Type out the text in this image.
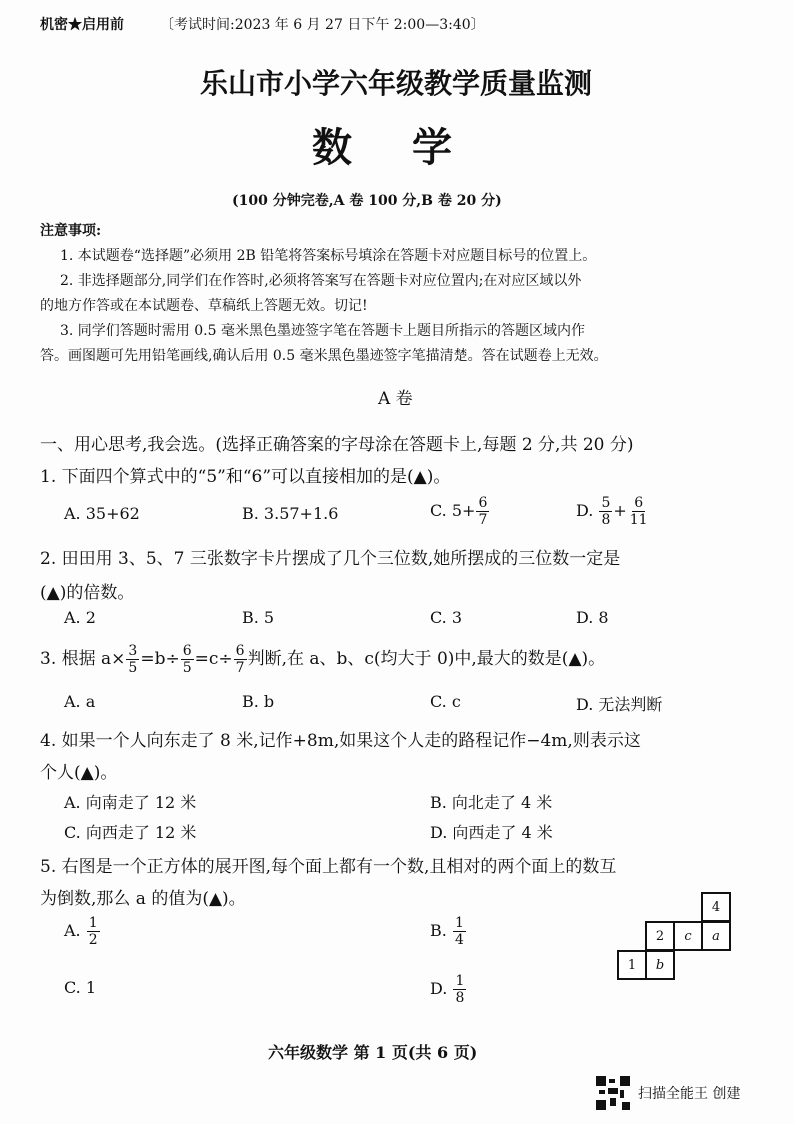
机密★启用前	〔考试时间:2023 年 6 月 27 日下午 2:00—3:40〕
乐山市小学六年级教学质量监测
数学
(100 分钟完卷,A 卷 100 分,B 卷 20 分)
注意事项:
1. 本试题卷“选择题”必须用 2B 铅笔将答案标号填涂在答题卡对应题目标号的位置上。
2. 非选择题部分,同学们在作答时,必须将答案写在答题卡对应位置内;在对应区域以外
的地方作答或在本试题卷、草稿纸上答题无效。切记!
3. 同学们答题时需用 0.5 毫米黑色墨迹签字笔在答题卡上题目所指示的答题区域内作
答。画图题可先用铅笔画线,确认后用 0.5 毫米黑色墨迹签字笔描清楚。答在试题卷上无效。
A 卷
一、用心思考,我会选。(选择正确答案的字母涂在答题卡上,每题 2 分,共 20 分)
1. 下面四个算式中的“5”和“6”可以直接相加的是(▲)。
A. 35+62	B. 3.57+1.6	C. $5+ \frac{6}{7}$	D. $\frac{5}{8} + \frac{6}{11}$
2. 田田用 3、5、7 三张数字卡片摆成了几个三位数,她所摆成的三位数一定是
(▲)的倍数。
A. 2	B. 5	C. 3	D. 8
3. 根据 $a\times \frac{3}{5} =b\div \frac{6}{5} =c\div \frac{6}{7}$ 判断,在 a、b、c(均大于 0)中,最大的数是(▲)。
A. a	B. b	C. c	D. 无法判断
4. 如果一个人向东走了 8 米,记作+8m,如果这个人走的路程记作−4m,则表示这
个人(▲)。
A. 向南走了 12 米	B. 向北走了 4 米
C. 向西走了 12 米	D. 向西走了 4 米
5. 右图是一个正方体的展开图,每个面上都有一个数,且相对的两个面上的数互
为倒数,那么 a 的值为(▲)。
A. $\frac{1}{2}$	B. $\frac{1}{4}$
C. 1	D. $\frac{1}{8}$
4
2	c	a
1	b
六年级数学 第 1 页(共 6 页)
扫描全能王 创建
